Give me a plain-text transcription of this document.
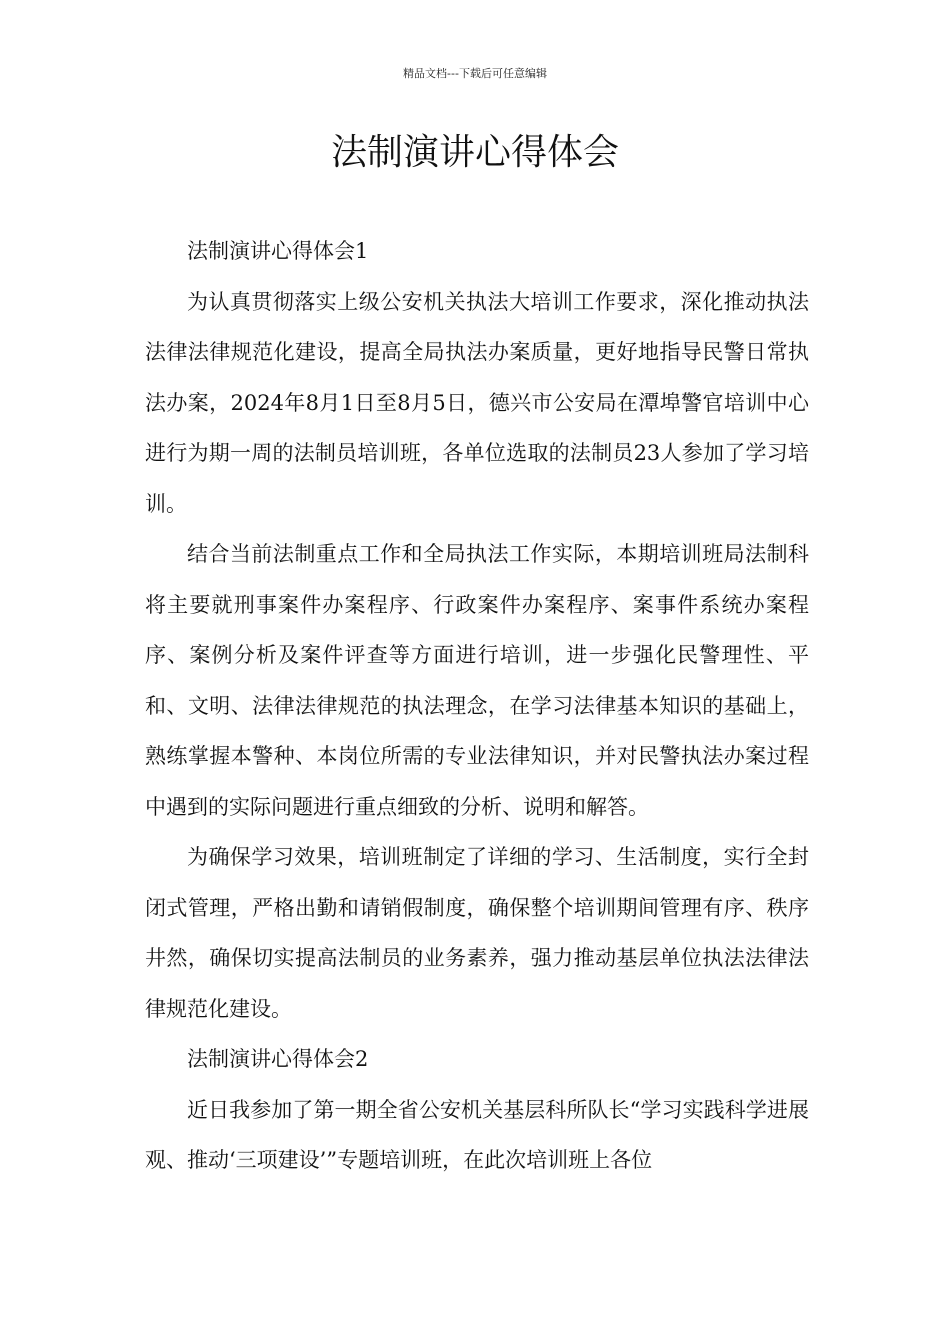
精品文档---下载后可任意编辑
法制演讲心得体会

法制演讲心得体会1

为认真贯彻落实上级公安机关执法大培训工作要求，深化推动执法法律法律规范化建设，提高全局执法办案质量，更好地指导民警日常执法办案，2024年8月1日至8月5日，德兴市公安局在潭埠警官培训中心进行为期一周的法制员培训班，各单位选取的法制员23人参加了学习培训。

结合当前法制重点工作和全局执法工作实际，本期培训班局法制科将主要就刑事案件办案程序、行政案件办案程序、案事件系统办案程序、案例分析及案件评查等方面进行培训，进一步强化民警理性、平和、文明、法律法律规范的执法理念，在学习法律基本知识的基础上，熟练掌握本警种、本岗位所需的专业法律知识，并对民警执法办案过程中遇到的实际问题进行重点细致的分析、说明和解答。

为确保学习效果，培训班制定了详细的学习、生活制度，实行全封闭式管理，严格出勤和请销假制度，确保整个培训期间管理有序、秩序井然，确保切实提高法制员的业务素养，强力推动基层单位执法法律法律规范化建设。

法制演讲心得体会2

近日我参加了第一期全省公安机关基层科所队长“学习实践科学进展观、推动‘三项建设’”专题培训班，在此次培训班上各位
